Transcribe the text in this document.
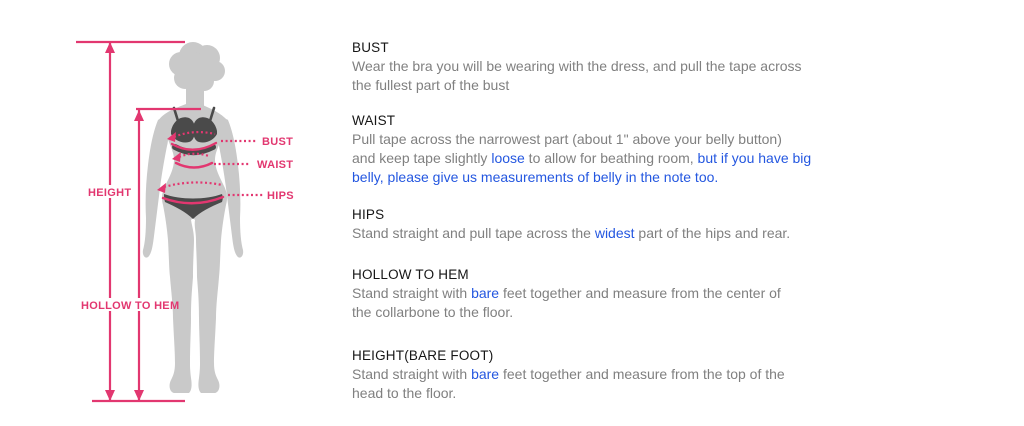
BUST
WAIST
HIPS
HEIGHT
HOLLOW TO HEM
BUST
Wear the bra you will be wearing with the dress, and pull the tape across
the fullest part of the bust
WAIST
Pull tape across the narrowest part (about 1" above your belly button)
and keep tape slightly loose to allow for beathing room, but if you have big
belly, please give us measurements of belly in the note too.
HIPS
Stand straight and pull tape across the widest part of the hips and rear.
HOLLOW TO HEM
Stand straight with bare feet together and measure from the center of
the collarbone to the floor.
HEIGHT(BARE FOOT)
Stand straight with bare feet together and measure from the top of the
head to the floor.
